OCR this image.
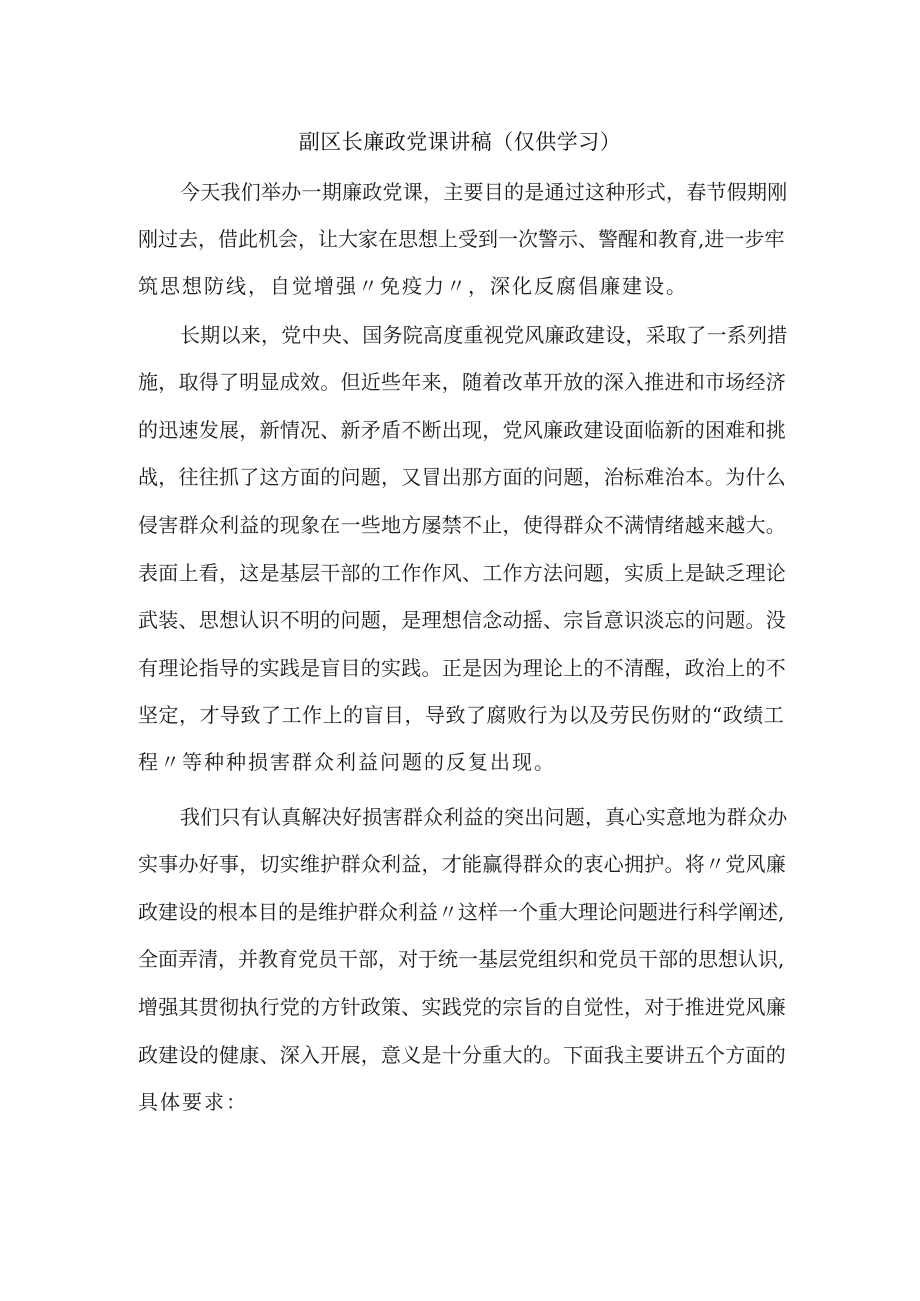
副区长廉政党课讲稿（仅供学习）
今天我们举办一期廉政党课，主要目的是通过这种形式，春节假期刚
刚过去，借此机会，让大家在思想上受到一次警示、警醒和教育,进一步牢
筑思想防线，自觉增强〃免疫力〃，深化反腐倡廉建设。
长期以来，党中央、国务院高度重视党风廉政建设，采取了一系列措
施，取得了明显成效。但近些年来，随着改革开放的深入推进和市场经济
的迅速发展，新情况、新矛盾不断出现，党风廉政建设面临新的困难和挑
战，往往抓了这方面的问题，又冒出那方面的问题，治标难治本。为什么
侵害群众利益的现象在一些地方屡禁不止，使得群众不满情绪越来越大。
表面上看，这是基层干部的工作作风、工作方法问题，实质上是缺乏理论
武装、思想认识不明的问题，是理想信念动摇、宗旨意识淡忘的问题。没
有理论指导的实践是盲目的实践。正是因为理论上的不清醒，政治上的不
坚定，才导致了工作上的盲目，导致了腐败行为以及劳民伤财的“政绩工
程〃等种种损害群众利益问题的反复出现。
我们只有认真解决好损害群众利益的突出问题，真心实意地为群众办
实事办好事，切实维护群众利益，才能赢得群众的衷心拥护。将〃党风廉
政建设的根本目的是维护群众利益〃这样一个重大理论问题进行科学阐述,
全面弄清，并教育党员干部，对于统一基层党组织和党员干部的思想认识,
增强其贯彻执行党的方针政策、实践党的宗旨的自觉性，对于推进党风廉
政建设的健康、深入开展，意义是十分重大的。下面我主要讲五个方面的
具体要求：
